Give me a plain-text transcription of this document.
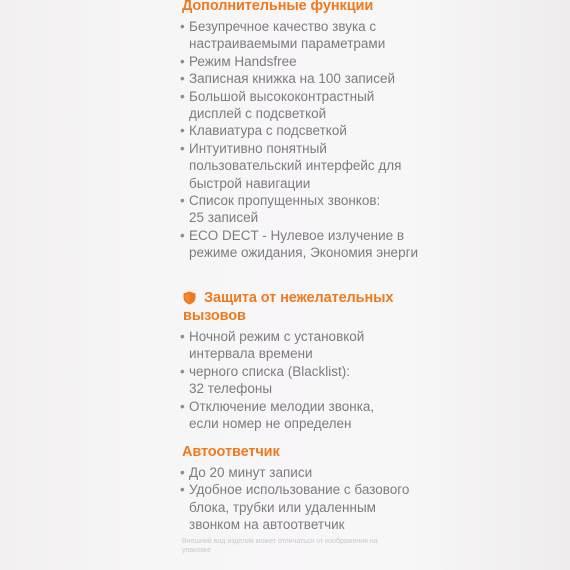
Дополнительные функции
• Безупречное качество звука с
настраиваемыми параметрами
• Режим Handsfree
• Записная книжка на 100 записей
• Большой высококонтрастный
дисплей с подсветкой
• Клавиатура с подсветкой
• Интуитивно понятный
пользовательский интерфейс для
быстрой навигации
• Список пропущенных звонков:
25 записей
• ECO DECT - Нулевое излучение в
режиме ожидания, Экономия энерги
Защита от нежелательных
вызовов
• Ночной режим с установкой
интервала времени
• черного списка (Blacklist):
32 телефоны
• Отключение мелодии звонка,
если номер не определен
Автоответчик
• До 20 минут записи
• Удобное использование с базового
блока, трубки или удаленным
звонком на автоответчик
Внешний вид изделия может отличаться от изображения на
упаковке
